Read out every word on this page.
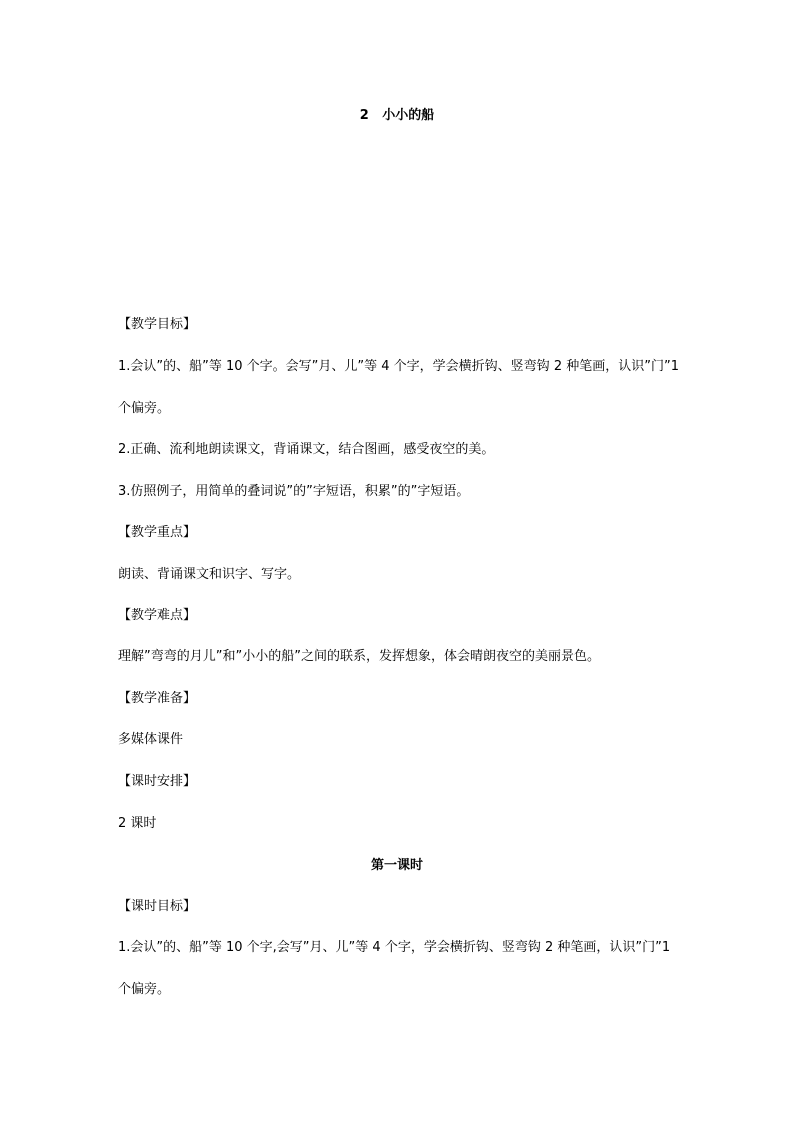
2   小小的船
【教学目标】
1.会认”的、船”等 10 个字。会写”月、儿”等 4 个字，学会横折钩、竖弯钩 2 种笔画，认识”门”1
个偏旁。
2.正确、流利地朗读课文，背诵课文，结合图画，感受夜空的美。
3.仿照例子，用简单的叠词说”的”字短语，积累”的”字短语。
【教学重点】
朗读、背诵课文和识字、写字。
【教学难点】
理解”弯弯的月儿”和”小小的船”之间的联系，发挥想象，体会晴朗夜空的美丽景色。
【教学准备】
多媒体课件
【课时安排】
2 课时
第一课时
【课时目标】
1.会认”的、船”等 10 个字,会写”月、儿”等 4 个字，学会横折钩、竖弯钩 2 种笔画，认识”门”1
个偏旁。
